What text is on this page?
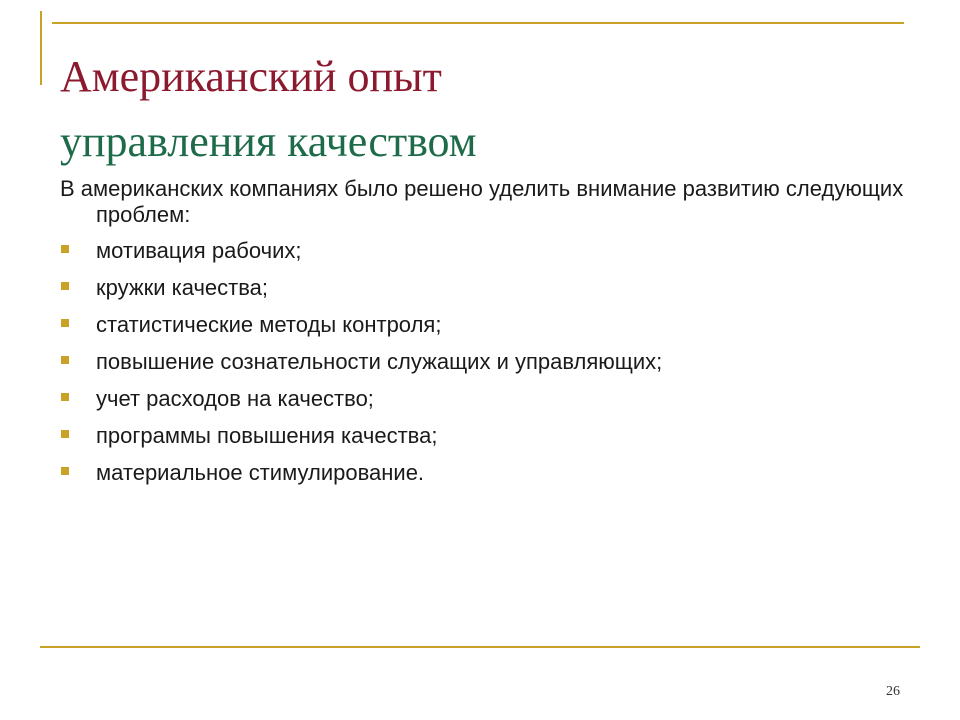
Американский опыт
управления качеством

В американских компаниях было решено уделить внимание развитию следующих проблем:

мотивация рабочих;
кружки качества;
статистические методы контроля;
повышение сознательности служащих и управляющих;
учет расходов на качество;
программы повышения качества;
материальное стимулирование.
26
